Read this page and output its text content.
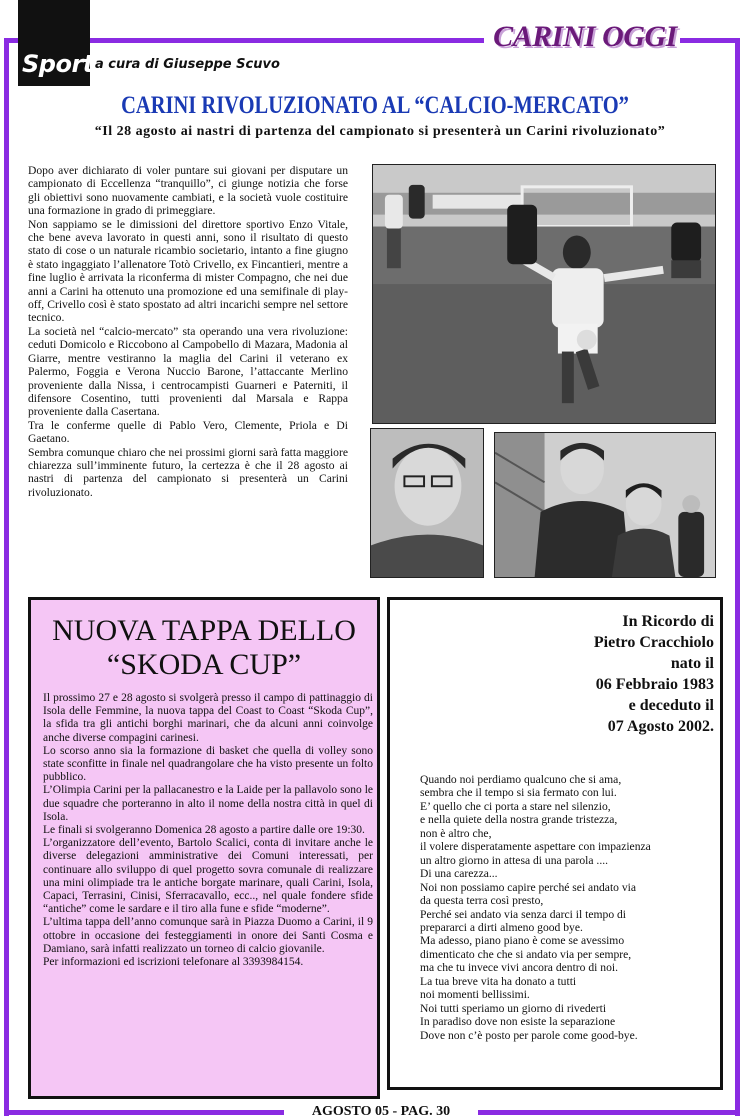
Sport a cura di Giuseppe Scuvo
CARINI OGGI
CARINI RIVOLUZIONATO AL “CALCIO-MERCATO”
“Il 28 agosto ai nastri di partenza del campionato si presenterà un Carini rivoluzionato”

Dopo aver dichiarato di voler puntare sui giovani per disputare un campionato di Eccellenza “tranquillo”, ci giunge notizia che forse gli obiettivi sono nuovamente cambiati, e la società vuole costituire una formazione in grado di primeggiare.

Non sappiamo se le dimissioni del direttore sportivo Enzo Vitale, che bene aveva lavorato in questi anni, sono il risultato di questo stato di cose o un naturale ricambio societario, intanto a fine giugno è stato ingaggiato l’allenatore Totò Crivello, ex Fincantieri, mentre a fine luglio è arrivata la riconferma di mister Compagno, che nei due anni a Carini ha ottenuto una promozione ed una semifinale di play-off, Crivello così è stato spostato ad altri incarichi sempre nel settore tecnico.

La società nel “calcio-mercato” sta operando una vera rivoluzione: ceduti Domicolo e Riccobono al Campobello di Mazara, Madonia al Giarre, mentre vestiranno la maglia del Carini il veterano ex Palermo, Foggia e Verona Nuccio Barone, l’attaccante Merlino proveniente dalla Nissa, i centrocampisti Guarneri e Paterniti, il difensore Cosentino, tutti provenienti dal Marsala e Rappa proveniente dalla Casertana.

Tra le conferme quelle di Pablo Vero, Clemente, Priola e Di Gaetano.

Sembra comunque chiaro che nei prossimi giorni sarà fatta maggiore chiarezza sull’imminente futuro, la certezza è che il 28 agosto ai nastri di partenza del campionato si presenterà un Carini rivoluzionato.

NUOVA TAPPA DELLO
“SKODA CUP”

Il prossimo 27 e 28 agosto si svolgerà presso il campo di pattinaggio di Isola delle Femmine, la nuova tappa del Coast to Coast “Skoda Cup”, la sfida tra gli antichi borghi marinari, che da alcuni anni coinvolge anche diverse compagini carinesi.

Lo scorso anno sia la formazione di basket che quella di volley sono state sconfitte in finale nel quadrangolare che ha visto presente un folto pubblico.

L’Olimpia Carini per la pallacanestro e la Laide per la pallavolo sono le due squadre che porteranno in alto il nome della nostra città in quel di Isola.

Le finali si svolgeranno Domenica 28 agosto a partire dalle ore 19:30.

L’organizzatore dell’evento, Bartolo Scalici, conta di invitare anche le diverse delegazioni amministrative dei Comuni interessati, per continuare allo sviluppo di quel progetto sovra comunale di realizzare una mini olimpiade tra le antiche borgate marinare, quali Carini, Isola, Capaci, Terrasini, Cinisi, Sferracavallo, ecc.., nel quale fondere sfide “antiche” come le sardare e il tiro alla fune e sfide “moderne”.

L’ultima tappa dell’anno comunque sarà in Piazza Duomo a Carini, il 9 ottobre in occasione dei festeggiamenti in onore dei Santi Cosma e Damiano, sarà infatti realizzato un torneo di calcio giovanile.

Per informazioni ed iscrizioni telefonare al 3393984154.

In Ricordo di
Pietro Cracchiolo
nato il
06 Febbraio 1983
e deceduto il
07 Agosto 2002.
Quando noi perdiamo qualcuno che si ama,
sembra che il tempo si sia fermato con lui.
E’ quello che ci porta a stare nel silenzio,
e nella quiete della nostra grande tristezza,
non è altro che,
il volere disperatamente aspettare con impazienza
un altro giorno in attesa di una parola ....
Di una carezza...
Noi non possiamo capire perché sei andato via
da questa terra così presto,
Perché sei andato via senza darci il tempo di
prepararci a dirti almeno good bye.
Ma adesso, piano piano è come se avessimo
dimenticato che che si andato via per sempre,
ma che tu invece vivi ancora dentro di noi.
La tua breve vita ha donato a tutti
noi momenti bellissimi.
Noi tutti speriamo un giorno di rivederti
In paradiso dove non esiste la separazione
Dove non c’è posto per parole come good-bye.
AGOSTO 05 - PAG. 30
